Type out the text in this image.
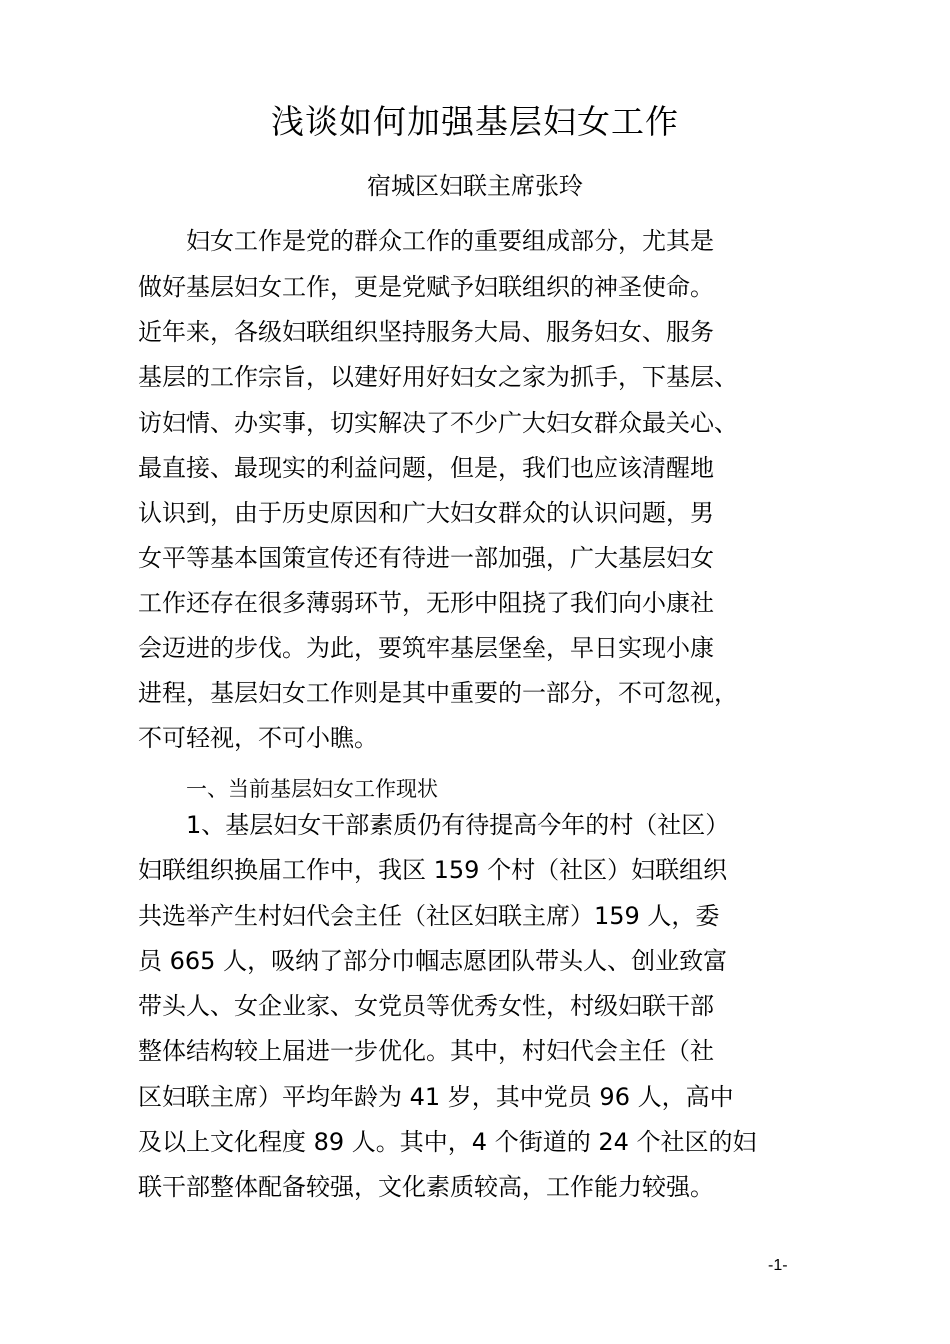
浅谈如何加强基层妇女工作
宿城区妇联主席张玲
妇女工作是党的群众工作的重要组成部分，尤其是
做好基层妇女工作，更是党赋予妇联组织的神圣使命。
近年来，各级妇联组织坚持服务大局、服务妇女、服务
基层的工作宗旨，以建好用好妇女之家为抓手，下基层、
访妇情、办实事，切实解决了不少广大妇女群众最关心、
最直接、最现实的利益问题，但是，我们也应该清醒地
认识到，由于历史原因和广大妇女群众的认识问题，男
女平等基本国策宣传还有待进一部加强，广大基层妇女
工作还存在很多薄弱环节，无形中阻挠了我们向小康社
会迈进的步伐。为此，要筑牢基层堡垒，早日实现小康
进程，基层妇女工作则是其中重要的一部分，不可忽视，
不可轻视，不可小瞧。
一、当前基层妇女工作现状
1、基层妇女干部素质仍有待提高今年的村（社区）
妇联组织换届工作中，我区 159 个村（社区）妇联组织
共选举产生村妇代会主任（社区妇联主席）159 人，委
员 665 人，吸纳了部分巾帼志愿团队带头人、创业致富
带头人、女企业家、女党员等优秀女性，村级妇联干部
整体结构较上届进一步优化。其中，村妇代会主任（社
区妇联主席）平均年龄为 41 岁，其中党员 96 人，高中
及以上文化程度 89 人。其中，4 个街道的 24 个社区的妇
联干部整体配备较强，文化素质较高，工作能力较强。
-1-
